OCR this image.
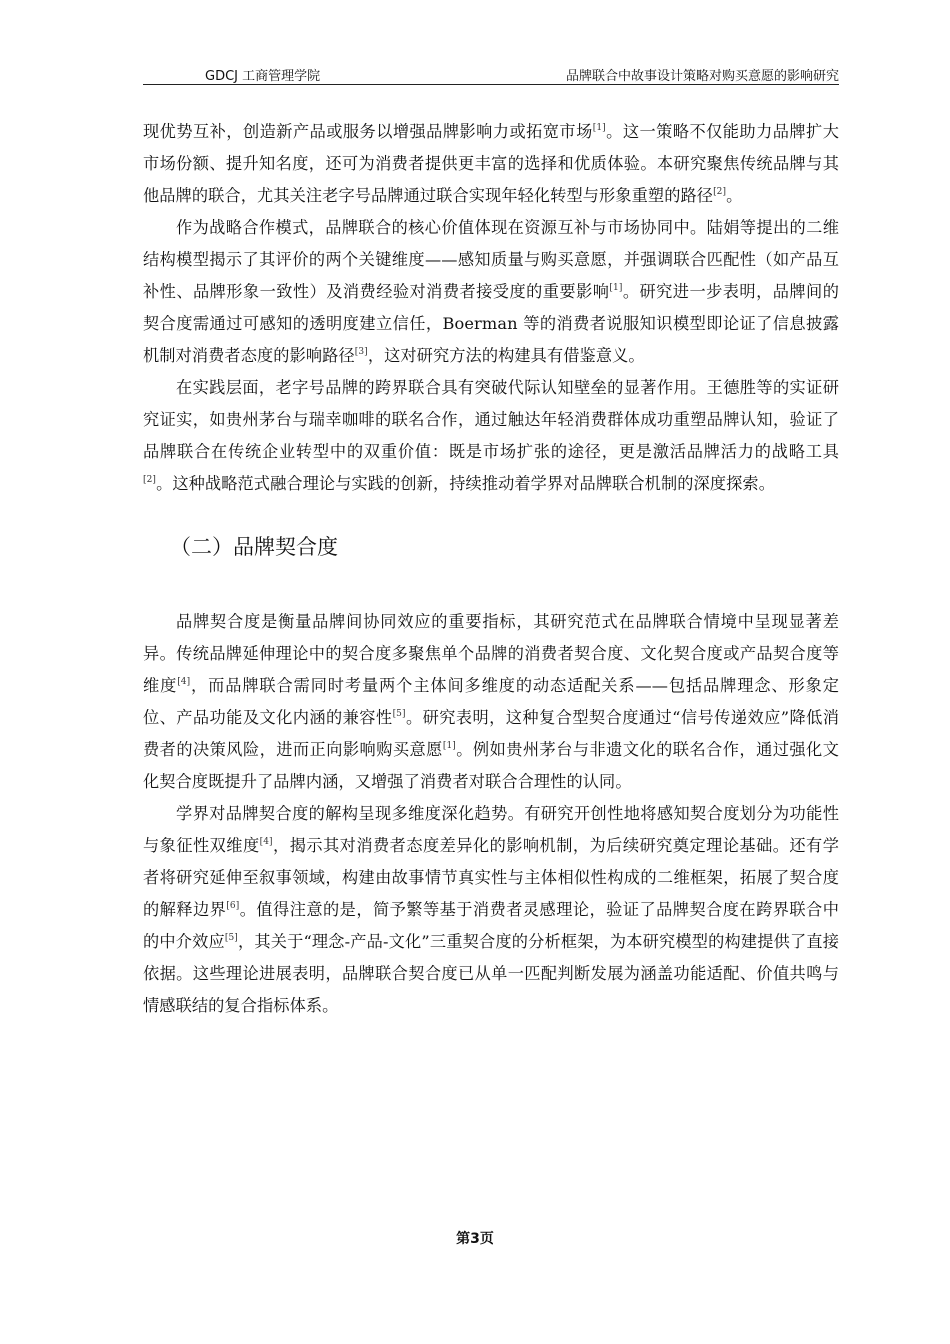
GDCJ 工商管理学院	品牌联合中故事设计策略对购买意愿的影响研究

现优势互补，创造新产品或服务以增强品牌影响力或拓宽市场[1]。这一策略不仅能助力品牌扩大市场份额、提升知名度，还可为消费者提供更丰富的选择和优质体验。本研究聚焦传统品牌与其他品牌的联合，尤其关注老字号品牌通过联合实现年轻化转型与形象重塑的路径[2]。

作为战略合作模式，品牌联合的核心价值体现在资源互补与市场协同中。陆娟等提出的二维结构模型揭示了其评价的两个关键维度——感知质量与购买意愿，并强调联合匹配性（如产品互补性、品牌形象一致性）及消费经验对消费者接受度的重要影响[1]。研究进一步表明，品牌间的契合度需通过可感知的透明度建立信任，Boerman 等的消费者说服知识模型即论证了信息披露机制对消费者态度的影响路径[3]，这对研究方法的构建具有借鉴意义。

在实践层面，老字号品牌的跨界联合具有突破代际认知壁垒的显著作用。王德胜等的实证研究证实，如贵州茅台与瑞幸咖啡的联名合作，通过触达年轻消费群体成功重塑品牌认知，验证了品牌联合在传统企业转型中的双重价值：既是市场扩张的途径，更是激活品牌活力的战略工具[2]。这种战略范式融合理论与实践的创新，持续推动着学界对品牌联合机制的深度探索。

（二）品牌契合度

品牌契合度是衡量品牌间协同效应的重要指标，其研究范式在品牌联合情境中呈现显著差异。传统品牌延伸理论中的契合度多聚焦单个品牌的消费者契合度、文化契合度或产品契合度等维度[4]，而品牌联合需同时考量两个主体间多维度的动态适配关系——包括品牌理念、形象定位、产品功能及文化内涵的兼容性[5]。研究表明，这种复合型契合度通过“信号传递效应”降低消费者的决策风险，进而正向影响购买意愿[1]。例如贵州茅台与非遗文化的联名合作，通过强化文化契合度既提升了品牌内涵，又增强了消费者对联合合理性的认同。

学界对品牌契合度的解构呈现多维度深化趋势。有研究开创性地将感知契合度划分为功能性与象征性双维度[4]，揭示其对消费者态度差异化的影响机制，为后续研究奠定理论基础。还有学者将研究延伸至叙事领域，构建由故事情节真实性与主体相似性构成的二维框架，拓展了契合度的解释边界[6]。值得注意的是，简予繁等基于消费者灵感理论，验证了品牌契合度在跨界联合中的中介效应[5]，其关于“理念-产品-文化”三重契合度的分析框架，为本研究模型的构建提供了直接依据。这些理论进展表明，品牌联合契合度已从单一匹配判断发展为涵盖功能适配、价值共鸣与情感联结的复合指标体系。

第3页
